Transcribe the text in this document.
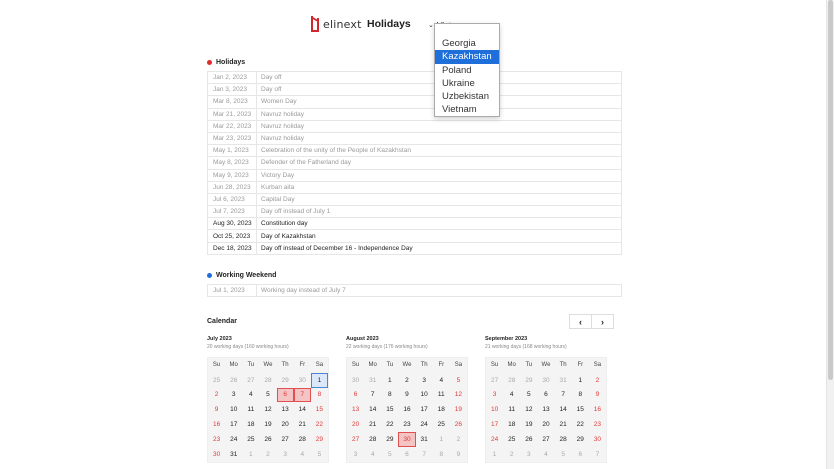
elinext Holidays ⌄
Georgia
Kazakhstan
Poland
Ukraine
Uzbekistan
Vietnam
Holidays
Jan 2, 2023	Day off
Jan 3, 2023	Day off
Mar 8, 2023	Women Day
Mar 21, 2023	Navruz holiday
Mar 22, 2023	Navruz holiday
Mar 23, 2023	Navruz holiday
May 1, 2023	Celebration of the unity of the People of Kazakhstan
May 8, 2023	Defender of the Fatherland day
May 9, 2023	Victory Day
Jun 28, 2023	Kurban aita
Jul 6, 2023	Capital Day
Jul 7, 2023	Day off instead of July 1
Aug 30, 2023	Constitution day
Oct 25, 2023	Day of Kazakhstan
Dec 18, 2023	Day off instead of December 16 - Independence Day
Working Weekend
Jul 1, 2023	Working day instead of July 7
Calendar	‹ ›
July 2023
20 working days (160 working hours)
Su	Mo	Tu	We	Th	Fr	Sa
25	26	27	28	29	30	1
2	3	4	5	6	7	8
9	10	11	12	13	14	15
16	17	18	19	20	21	22
23	24	25	26	27	28	29
30	31	1	2	3	4	5
August 2023
22 working days (176 working hours)
Su	Mo	Tu	We	Th	Fr	Sa
30	31	1	2	3	4	5
6	7	8	9	10	11	12
13	14	15	16	17	18	19
20	21	22	23	24	25	26
27	28	29	30	31	1	2
3	4	5	6	7	8	9
September 2023
21 working days (168 working hours)
Su	Mo	Tu	We	Th	Fr	Sa
27	28	29	30	31	1	2
3	4	5	6	7	8	9
10	11	12	13	14	15	16
17	18	19	20	21	22	23
24	25	26	27	28	29	30
1	2	3	4	5	6	7
